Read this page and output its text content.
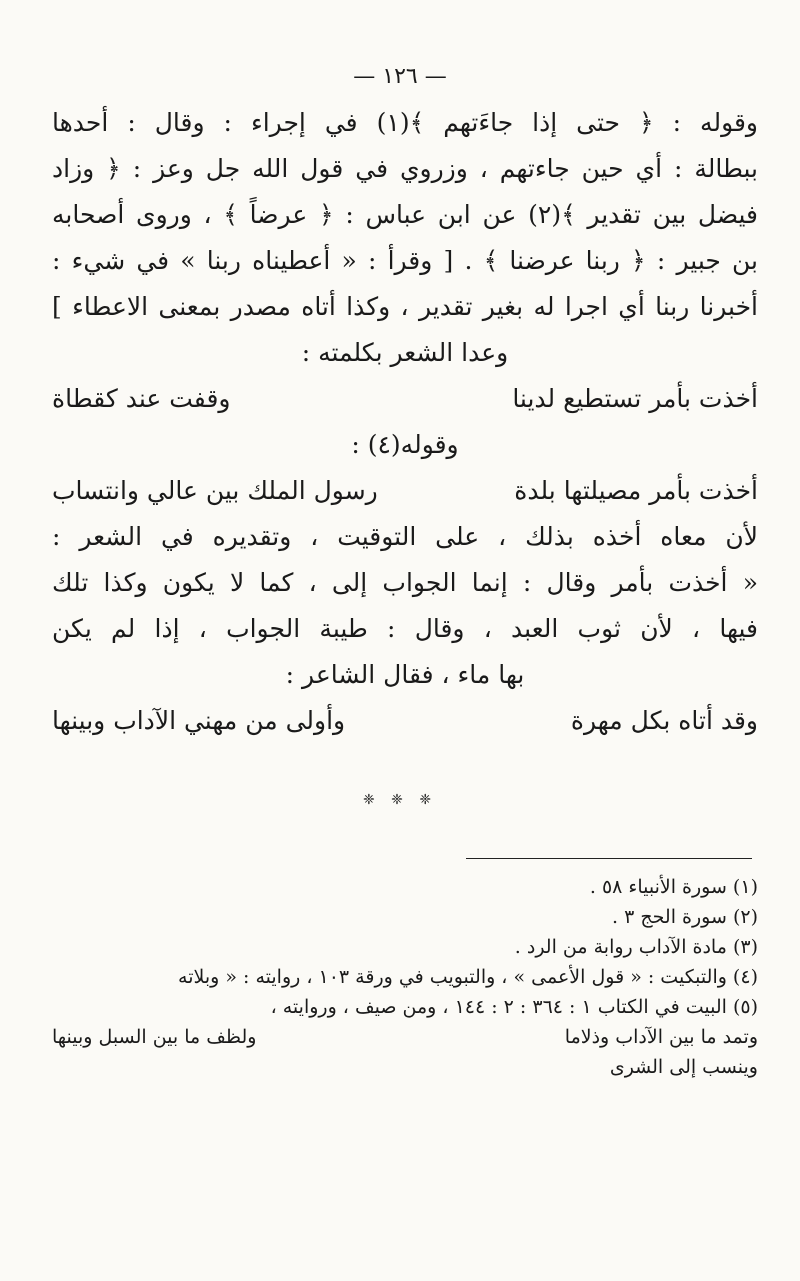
— ١٢٦ —
وقوله : ﴿ حتى إذا جاءَتهم ﴾(١) في إجراء : وقال : أحدها
ببطالة : أي حين جاءتهم ، وزروي في قول الله جل وعز : ﴿ وزاد
فيضل بين تقدير ﴾(٢) عن ابن عباس : ﴿ عرضاً ﴾ ، وروى أصحابه
بن جبير : ﴿ ربنا عرضنا ﴾ . [ وقرأ : « أعطيناه ربنا » في شيء :
أخبرنا ربنا أي اجرا له بغير تقدير ، وكذا أتاه مصدر بمعنى الاعطاء ]
وعدا الشعر بكلمته :
أخذت بأمر تستطيع لدينا
وقفت عند كقطاة
وقوله(٤) :
أخذت بأمر مصيلتها بلدة
رسول الملك بين عالي وانتساب
لأن معاه أخذه بذلك ، على التوقيت ، وتقديره في الشعر :
« أخذت بأمر وقال : إنما الجواب إلى ، كما لا يكون وكذا تلك
فيها ، لأن ثوب العبد ، وقال : طيبة الجواب ، إذا لم يكن
بها ماء ، فقال الشاعر :
وقد أتاه بكل مهرة
وأولى من مهني الآداب وبينها
❈ ❈ ❈
(١) سورة الأنبياء ٥٨ .
(٢) سورة الحج ٣ .
(٣) مادة الآداب روابة من الرد .
(٤) والتبكيت : « قول الأعمى » ، والتبويب في ورقة ١٠٣ ، روايته : « وبلاته
(٥) البيت في الكتاب ١ : ٣٦٤ : ٢ : ١٤٤ ، ومن صيف ، وروايته ،
وتمد ما بين الآداب وذلاما
ولظف ما بين السبل وبينها
وينسب إلى الشرى
